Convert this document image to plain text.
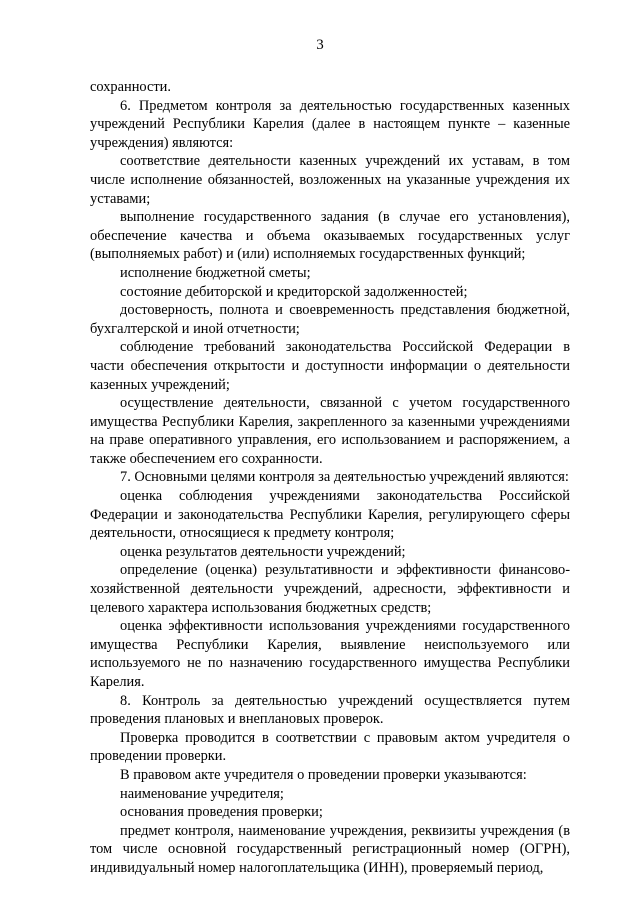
3

сохранности.

6. Предметом контроля за деятельностью государственных казенных учреждений Республики Карелия (далее в настоящем пункте – казенные учреждения) являются:

соответствие деятельности казенных учреждений их уставам, в том числе исполнение обязанностей, возложенных на указанные учреждения их уставами;

выполнение государственного задания (в случае его установления), обеспечение качества и объема оказываемых государственных услуг (выполняемых работ) и (или) исполняемых государственных функций;

исполнение бюджетной сметы;

состояние дебиторской и кредиторской задолженностей;

достоверность, полнота и своевременность представления бюджетной, бухгалтерской и иной отчетности;

соблюдение требований законодательства Российской Федерации в части обеспечения открытости и доступности информации о деятельности казенных учреждений;

осуществление деятельности, связанной с учетом государственного имущества Республики Карелия, закрепленного за казенными учреждениями на праве оперативного управления, его использованием и распоряжением, а также обеспечением его сохранности.

7. Основными целями контроля за деятельностью учреждений являются:

оценка соблюдения учреждениями законодательства Российской Федерации и законодательства Республики Карелия, регулирующего сферы деятельности, относящиеся к предмету контроля;

оценка результатов деятельности учреждений;

определение (оценка) результативности и эффективности финансово-хозяйственной деятельности учреждений, адресности, эффективности и целевого характера использования бюджетных средств;

оценка эффективности использования учреждениями государственного имущества Республики Карелия, выявление неиспользуемого или используемого не по назначению государственного имущества Республики Карелия.

8. Контроль за деятельностью учреждений осуществляется путем проведения плановых и внеплановых проверок.

Проверка проводится в соответствии с правовым актом учредителя о проведении проверки.

В правовом акте учредителя о проведении проверки указываются:

наименование учредителя;

основания проведения проверки;

предмет контроля, наименование учреждения, реквизиты учреждения (в том числе основной государственный регистрационный номер (ОГРН), индивидуальный номер налогоплательщика (ИНН), проверяемый период,
